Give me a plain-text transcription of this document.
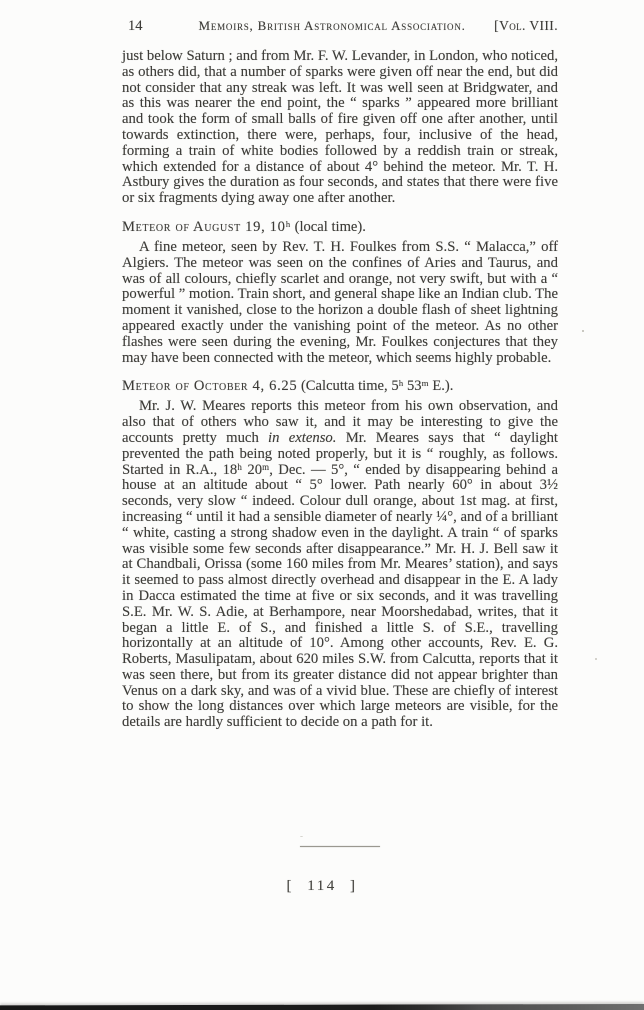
14	Memoirs, British Astronomical Association.	[Vol. VIII.

just below Saturn ; and from Mr. F. W. Levander, in London, who noticed, as others did, that a number of sparks were given off near the end, but did not consider that any streak was left. It was well seen at Bridgwater, and as this was nearer the end point, the “ sparks ” appeared more brilliant and took the form of small balls of fire given off one after another, until towards extinction, there were, perhaps, four, inclusive of the head, forming a train of white bodies followed by a reddish train or streak, which extended for a distance of about 4° behind the meteor. Mr. T. H. Astbury gives the duration as four seconds, and states that there were five or six fragments dying away one after another.

Meteor of August 19, 10ʰ (local time).

A fine meteor, seen by Rev. T. H. Foulkes from S.S. “ Malacca,” off Algiers. The meteor was seen on the confines of Aries and Taurus, and was of all colours, chiefly scarlet and orange, not very swift, but with a “ powerful ” motion. Train short, and general shape like an Indian club. The moment it vanished, close to the horizon a double flash of sheet lightning appeared exactly under the vanishing point of the meteor. As no other flashes were seen during the evening, Mr. Foulkes conjectures that they may have been connected with the meteor, which seems highly probable.

Meteor of October 4, 6.25 (Calcutta time, 5ʰ 53ᵐ E.).

Mr. J. W. Meares reports this meteor from his own observation, and also that of others who saw it, and it may be interesting to give the accounts pretty much in extenso. Mr. Meares says that “ daylight prevented the path being noted properly, but it is “ roughly, as follows. Started in R.A., 18ʰ 20ᵐ, Dec. — 5°, “ ended by disappearing behind a house at an altitude about “ 5° lower. Path nearly 60° in about 3½ seconds, very slow “ indeed. Colour dull orange, about 1st mag. at first, increasing “ until it had a sensible diameter of nearly ¼°, and of a brilliant “ white, casting a strong shadow even in the daylight. A train “ of sparks was visible some few seconds after disappearance.” Mr. H. J. Bell saw it at Chandbali, Orissa (some 160 miles from Mr. Meares’ station), and says it seemed to pass almost directly overhead and disappear in the E. A lady in Dacca estimated the time at five or six seconds, and it was travelling S.E. Mr. W. S. Adie, at Berhampore, near Moorshedabad, writes, that it began a little E. of S., and finished a little S. of S.E., travelling horizontally at an altitude of 10°. Among other accounts, Rev. E. G. Roberts, Masulipatam, about 620 miles S.W. from Calcutta, reports that it was seen there, but from its greater distance did not appear brighter than Venus on a dark sky, and was of a vivid blue. These are chiefly of interest to show the long distances over which large meteors are visible, for the details are hardly sufficient to decide on a path for it.

[ 114 ]
